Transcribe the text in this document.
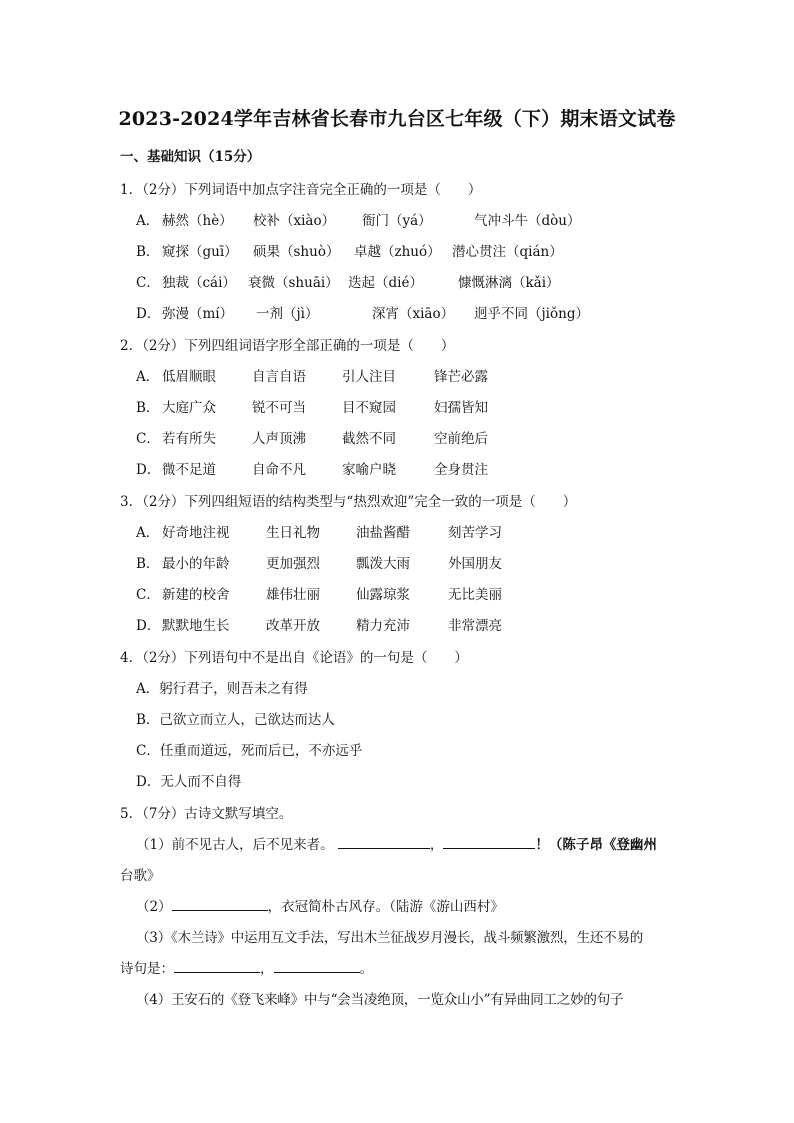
2023-2024学年吉林省长春市九台区七年级（下）期末语文试卷
一、基础知识（15分）
1．（2分）下列词语中加点字注音完全正确的一项是（　　）
A． 赫然（hè） 校补（xiào） 衙门（yá）	气冲斗牛（dòu）
B． 窥探（guī） 硕果（shuò） 卓越（zhuó） 潜心贯注（qián）
C． 独裁（cái） 衰微（shuāi） 迭起（dié）	慷慨淋漓（kǎi）
D． 弥漫（mí） 一剂（jì）	深宵（xiāo） 迥乎不同（jiǒng）
2．（2分）下列四组词语字形全部正确的一项是（　　）
A． 低眉顺眼	自言自语	引人注目	锋芒必露
B． 大庭广众	锐不可当	目不窥园	妇孺皆知
C． 若有所失	人声顶沸	截然不同	空前绝后
D． 微不足道	自命不凡	家喻户晓	全身贯注
3．（2分）下列四组短语的结构类型与“热烈欢迎”完全一致的一项是（　　）
A． 好奇地注视	生日礼物	油盐酱醋	刻苦学习
B． 最小的年龄	更加强烈	瓢泼大雨	外国朋友
C． 新建的校舍	雄伟壮丽	仙露琼浆	无比美丽
D． 默默地生长	改革开放	精力充沛	非常漂亮
4．（2分）下列语句中不是出自《论语》的一句是（　　）
A．躬行君子，则吾未之有得
B．己欲立而立人，己欲达而达人
C．任重而道远，死而后已，不亦远乎
D．无人而不自得
5．（7分）古诗文默写填空。
（1）前不见古人，后不见来者。	，	！（陈子昂《登幽州
台歌》
（2）	，衣冠简朴古风存。（陆游《游山西村》
（3）《木兰诗》中运用互文手法，写出木兰征战岁月漫长，战斗频繁激烈，生还不易的
诗句是：	，	。
（4）王安石的《登飞来峰》中与“会当凌绝顶，一览众山小”有异曲同工之妙的句子
